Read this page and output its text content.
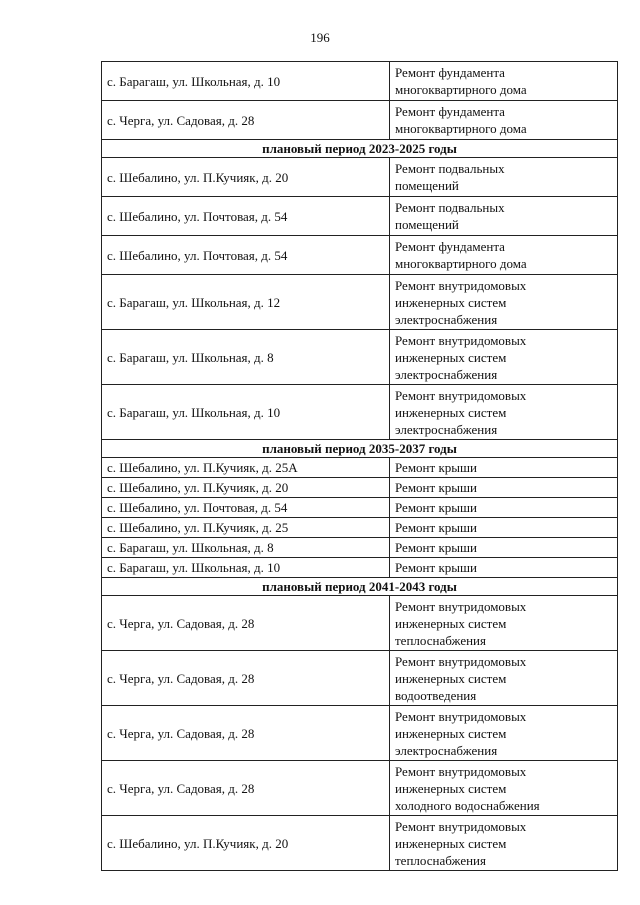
196
с. Барагаш, ул. Школьная, д. 10	Ремонт фундамента
многоквартирного дома

с. Черга, ул. Садовая, д. 28	Ремонт фундамента
многоквартирного дома

плановый период 2023-2025 годы	
с. Шебалино, ул. П.Кучияк, д. 20	Ремонт подвальных
помещений

с. Шебалино, ул. Почтовая, д. 54	Ремонт подвальных
помещений

с. Шебалино, ул. Почтовая, д. 54	Ремонт фундамента
многоквартирного дома

с. Барагаш, ул. Школьная, д. 12	Ремонт внутридомовых
инженерных систем
электроснабжения

с. Барагаш, ул. Школьная, д. 8	Ремонт внутридомовых
инженерных систем
электроснабжения

с. Барагаш, ул. Школьная, д. 10	Ремонт внутридомовых
инженерных систем
электроснабжения

плановый период 2035-2037 годы	
с. Шебалино, ул. П.Кучияк, д. 25А	Ремонт крыши

с. Шебалино, ул. П.Кучияк, д. 20	Ремонт крыши

с. Шебалино, ул. Почтовая, д. 54	Ремонт крыши

с. Шебалино, ул. П.Кучияк, д. 25	Ремонт крыши

с. Барагаш, ул. Школьная, д. 8	Ремонт крыши

с. Барагаш, ул. Школьная, д. 10	Ремонт крыши

плановый период 2041-2043 годы	
с. Черга, ул. Садовая, д. 28	Ремонт внутридомовых
инженерных систем
теплоснабжения

с. Черга, ул. Садовая, д. 28	Ремонт внутридомовых
инженерных систем
водоотведения

с. Черга, ул. Садовая, д. 28	Ремонт внутридомовых
инженерных систем
электроснабжения

с. Черга, ул. Садовая, д. 28	Ремонт внутридомовых
инженерных систем
холодного водоснабжения

с. Шебалино, ул. П.Кучияк, д. 20	Ремонт внутридомовых
инженерных систем
теплоснабжения
